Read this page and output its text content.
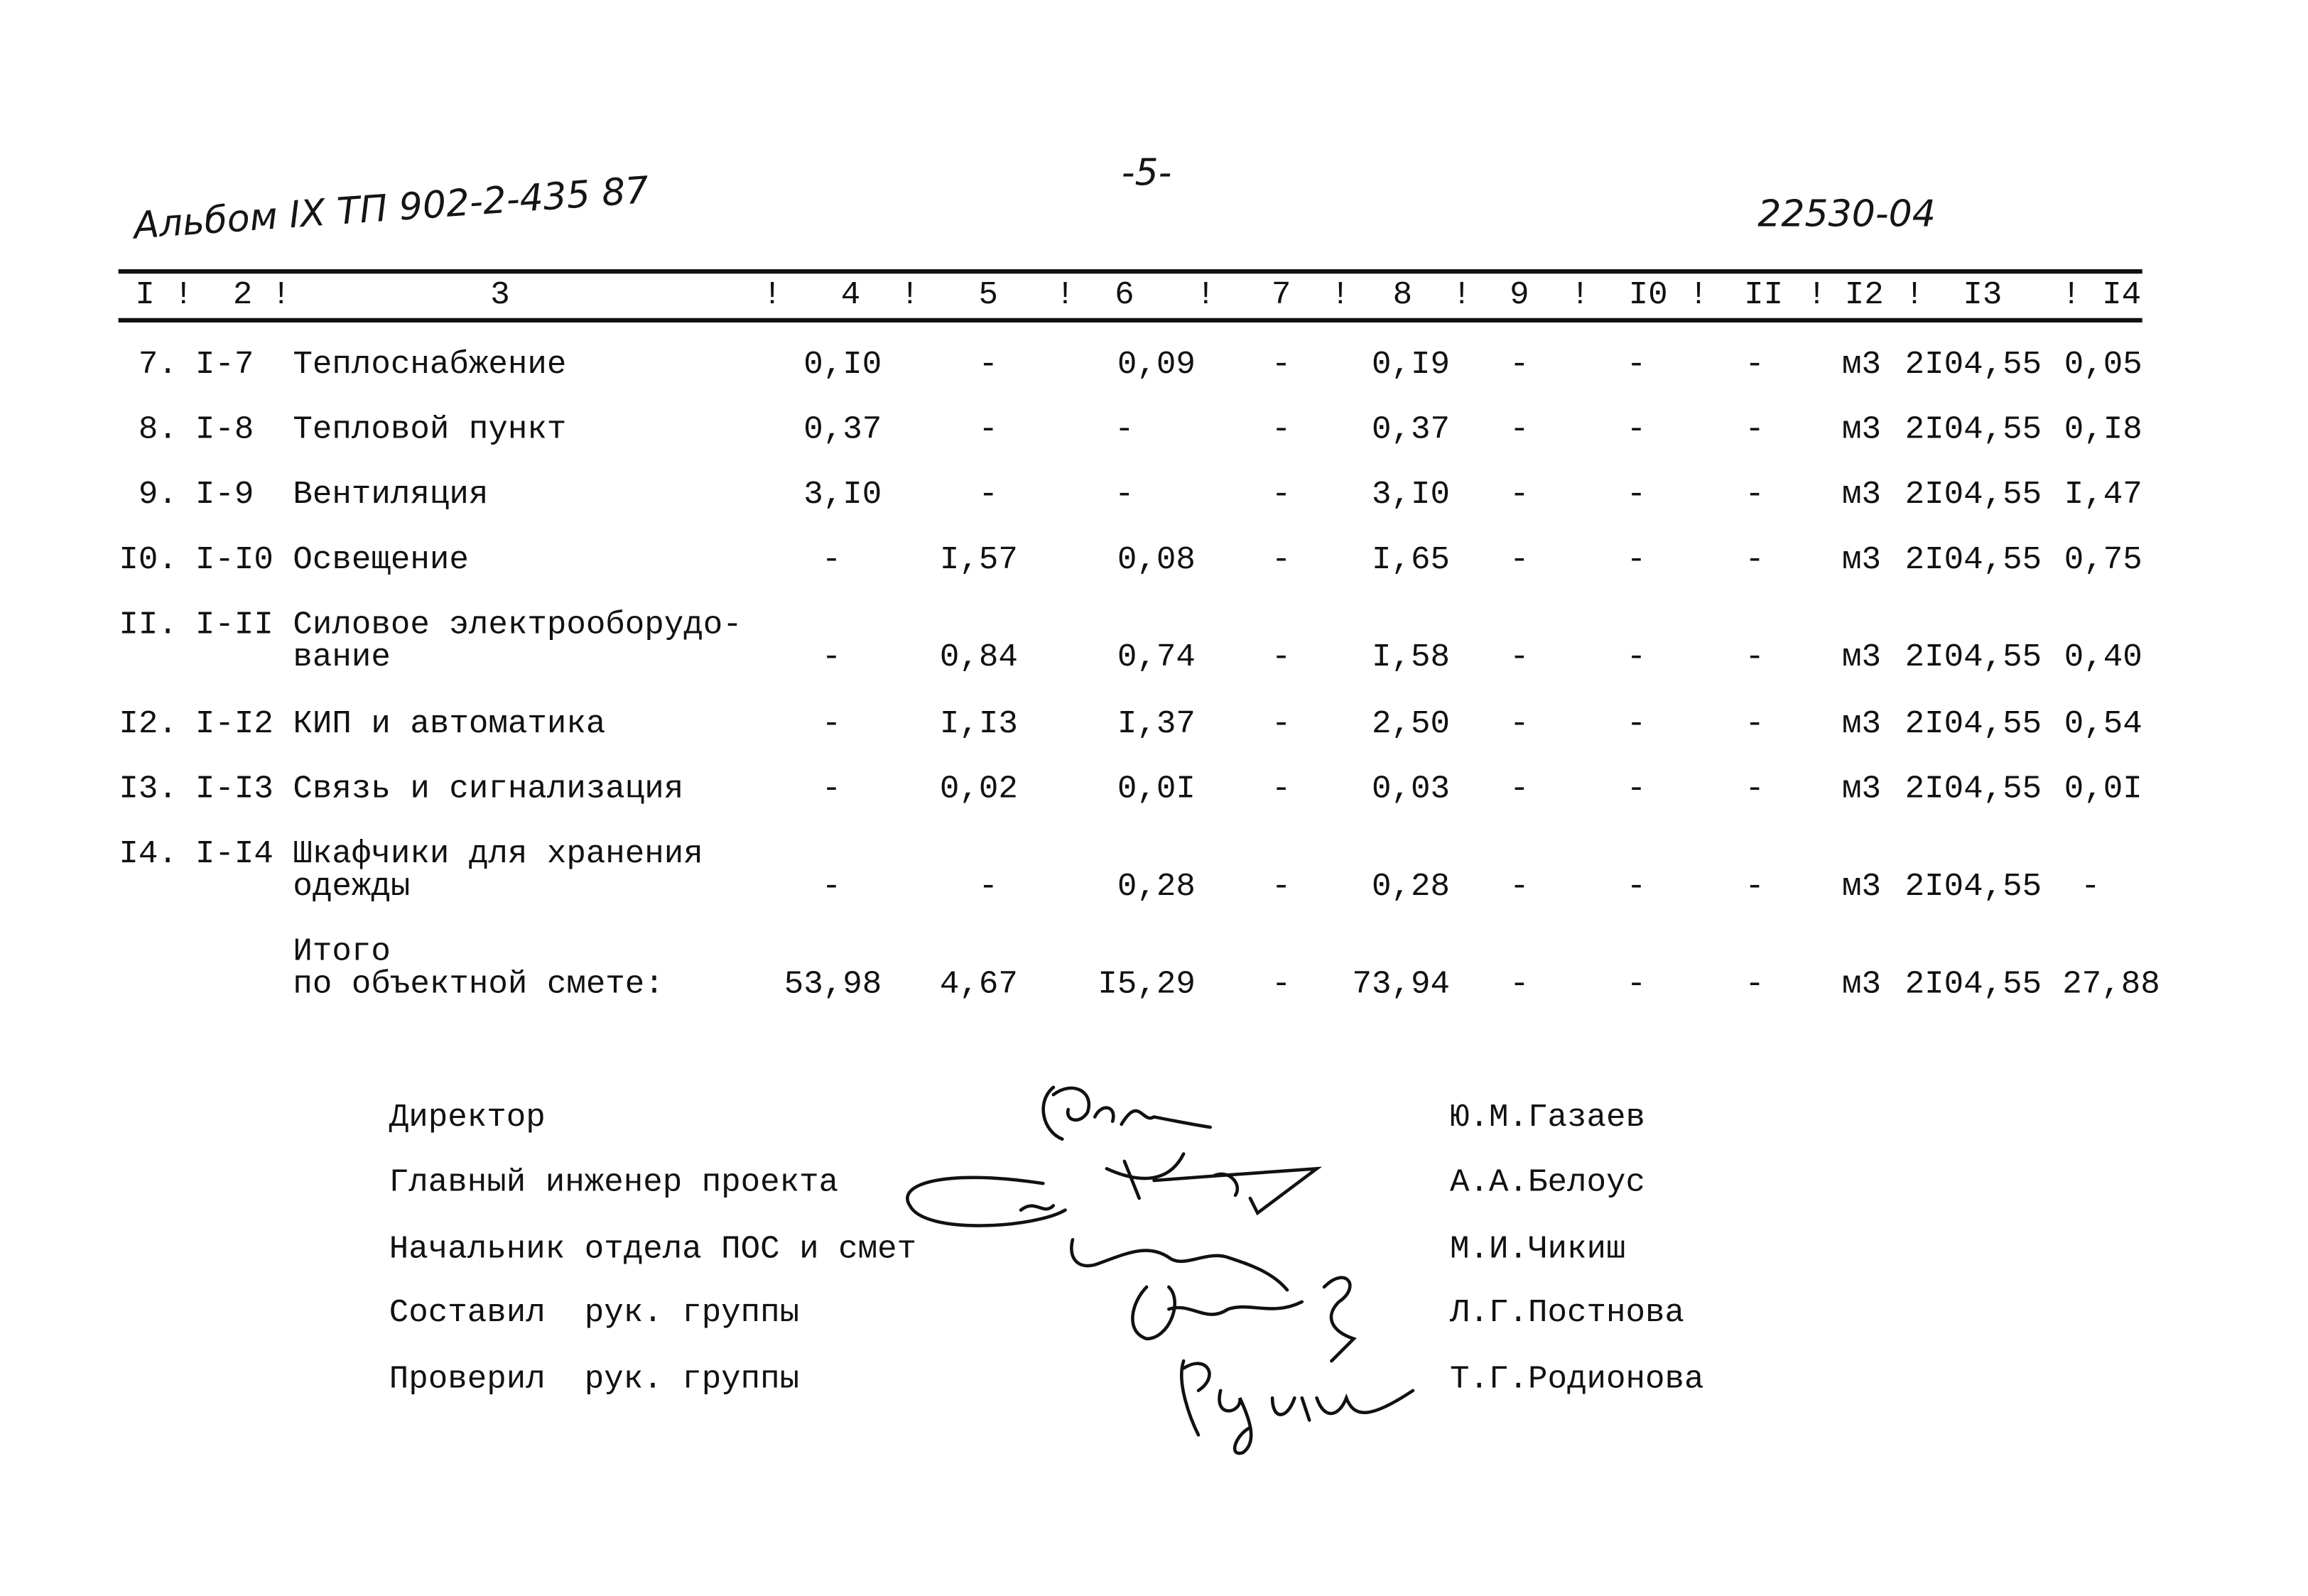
Альбом IX ТП 902-2-435 87	-5-
22530-04
I	2	3	4	5	6	7	8	9	I0	II	I2	I3	I4
!	!	!	!	!	!	!	!	!	!	!	!	!
7. I-7 Теплоснабжение	0,I0	-	0,09	-	0,I9	-	-	-	м3 2I04,55 0,05
8. I-8 Тепловой пункт	0,37	-	-	-	0,37	-	-	-	м3 2I04,55 0,I8
9. I-9 Вентиляция	3,I0	-	-	-	3,I0	-	-	-	м3 2I04,55 I,47
I0. I-I0 Освещение	-	I,57	0,08	-	I,65	-	-	-	м3 2I04,55 0,75
II. I-II Силовое электрооборудо-
вание	-	0,84	0,74	-	I,58	-	-	-	м3 2I04,55 0,40
I2. I-I2 КИП и автоматика	-	I,I3	I,37	-	2,50	-	-	-	м3 2I04,55 0,54
I3. I-I3 Связь и сигнализация	-	0,02	0,0I	-	0,03	-	-	-	м3 2I04,55 0,0I
I4. I-I4 Шкафчики для хранения
одежды	-	-	0,28	-	0,28	-	-	-	м3 2I04,55 -
Итого
по объектной смете:	53,98	4,67	I5,29	-	73,94	-	-	-	м3 2I04,55 27,88
Директор	Ю.М.Газаев
Главный инженер проекта	А.А.Белоус
Начальник отдела ПОС и смет	М.И.Чикиш
Составил  рук. группы	Л.Г.Постнова
Проверил  рук. группы	Т.Г.Родионова
